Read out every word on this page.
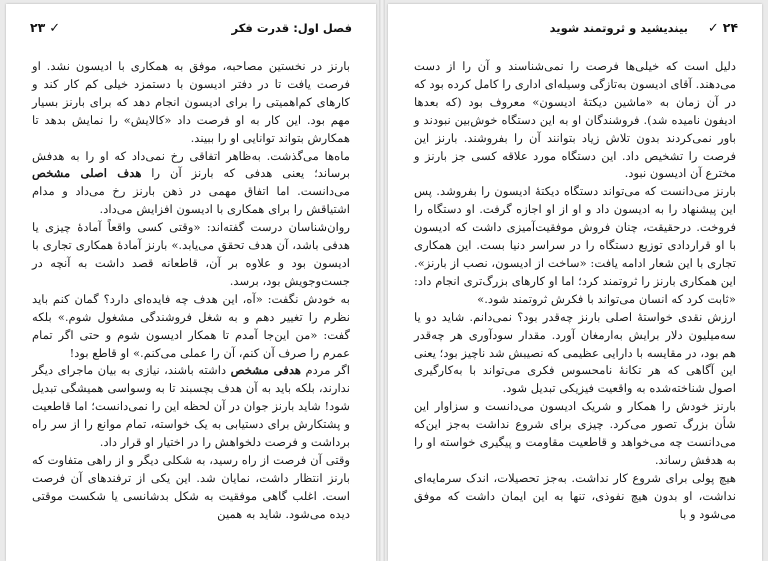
فصل اول: قدرت فکر
✓۲۳

بارنز در نخستین مصاحبه، موفق به همکاری با ادیسون نشد. او فرصت یافت تا در دفتر ادیسون با دستمزد خیلی کم کار کند و کارهای کم‌اهمیتی را برای ادیسون انجام دهد که برای بارنز بسیار مهم بود. این کار به او فرصت داد «کالایش» را نمایش بدهد تا همکارش بتواند توانایی او را ببیند.

ماه‌ها می‌گذشت. به‌ظاهر اتفاقی رخ نمی‌داد که او را به هدفش برساند؛ یعنی هدفی که بارنز آن را هدف اصلی مشخص می‌دانست. اما اتفاق مهمی در ذهن بارنز رخ می‌داد و مدام اشتیاقش را برای همکاری با ادیسون افزایش می‌داد.

روان‌شناسان درست گفته‌اند: «وقتی کسی واقعاً آمادهٔ چیزی یا هدفی باشد، آن هدف تحقق می‌یابد.» بارنز آمادهٔ همکاری تجاری با ادیسون بود و علاوه بر آن، قاطعانه قصد داشت به آنچه در جست‌وجویش بود، برسد.

به خودش نگفت: «آه، این هدف چه فایده‌ای دارد؟ گمان کنم باید نظرم را تغییر دهم و به شغل فروشندگی مشغول شوم.» بلکه گفت: «من این‌جا آمدم تا همکار ادیسون شوم و حتی اگر تمام عمرم را صرف آن کنم، آن را عملی می‌کنم.» او قاطع بود!

اگر مردم هدفی مشخص داشته باشند، نیازی به بیان ماجرای دیگر ندارند، بلکه باید به آن هدف بچسبند تا به وسواسی همیشگی تبدیل شود! شاید بارنز جوان در آن لحظه این را نمی‌دانست؛ اما قاطعیت و پشتکارش برای دستیابی به یک خواسته، تمام موانع را از سر راه برداشت و فرصت دلخواهش را در اختیار او قرار داد.

وقتی آن فرصت از راه رسید، به شکلی دیگر و از راهی متفاوت که بارنز انتظار داشت، نمایان شد. این یکی از ترفندهای آن فرصت است. اغلب گاهی موفقیت به شکل بدشانسی یا شکست موقتی دیده می‌شود. شاید به همین

۲۴✓
بیندیشید و ثروتمند شوید

دلیل است که خیلی‌ها فرصت را نمی‌شناسند و آن را از دست می‌دهند. آقای ادیسون به‌تازگی وسیله‌ای اداری را کامل کرده بود که در آن زمان به «ماشین دیکتهٔ ادیسون» معروف بود (که بعدها ادیفون نامیده شد). فروشندگان او به این دستگاه خوش‌بین نبودند و باور نمی‌کردند بدون تلاش زیاد بتوانند آن را بفروشند. بارنز این فرصت را تشخیص داد. این دستگاه مورد علاقه کسی جز بارنز و مخترع آن ادیسون نبود.

بارنز می‌دانست که می‌تواند دستگاه دیکتهٔ ادیسون را بفروشد. پس این پیشنهاد را به ادیسون داد و او از او اجازه گرفت. او دستگاه را فروخت. درحقیقت، چنان فروش موفقیت‌آمیزی داشت که ادیسون با او قراردادی توزیع دستگاه را در سراسر دنیا بست. این همکاری تجاری با این شعار ادامه یافت: «ساخت از ادیسون، نصب از بارنز». این همکاری بارنز را ثروتمند کرد؛ اما او کارهای بزرگ‌تری انجام داد: «ثابت کرد که انسان می‌تواند با فکرش ثروتمند شود.»

ارزش نقدی خواستهٔ اصلی بارنز چه‌قدر بود؟ نمی‌دانم. شاید دو یا سه‌میلیون دلار برایش به‌ارمغان آورد. مقدار سودآوری هر چه‌قدر هم بود، در مقایسه با دارایی عظیمی که نصیبش شد ناچیز بود؛ یعنی این آگاهی که هر تکانهٔ نامحسوس فکری می‌تواند با به‌کارگیری اصول شناخته‌شده به واقعیت فیزیکی تبدیل شود.

بارنز خودش را همکار و شریک ادیسون می‌دانست و سزاوار این شأن بزرگ تصور می‌کرد. چیزی برای شروع نداشت به‌جز این‌که می‌دانست چه می‌خواهد و قاطعیت مقاومت و پیگیری خواسته او را به هدفش رساند.

هیچ پولی برای شروع کار نداشت. به‌جز تحصیلات، اندک سرمایه‌ای نداشت، او بدون هیچ نفوذی، تنها به این ایمان داشت که موفق می‌شود و با
